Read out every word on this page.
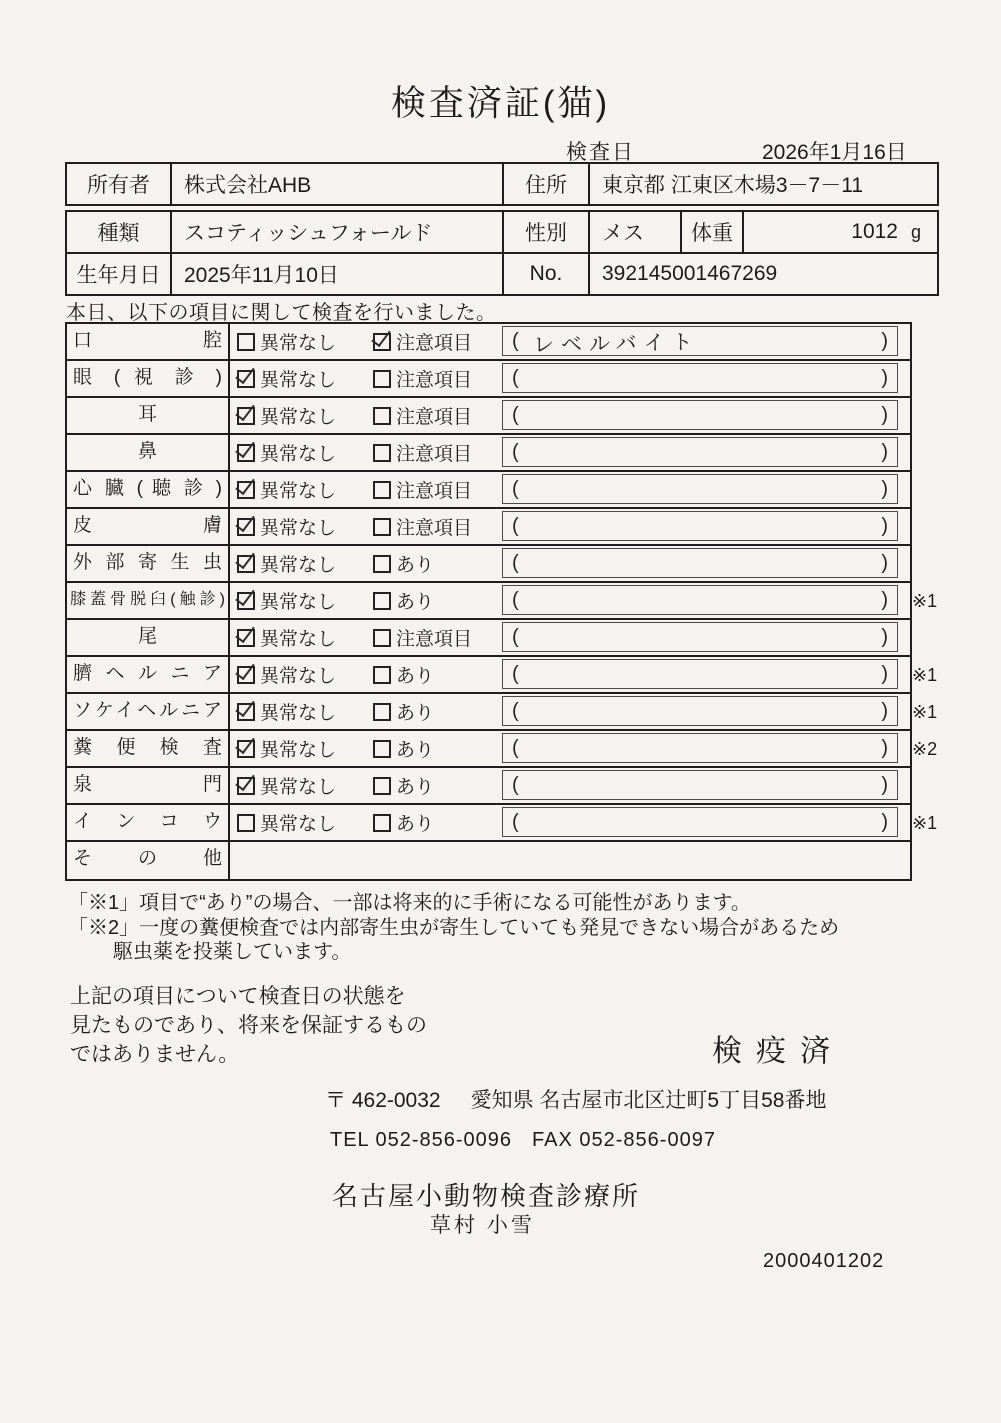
検査済証(猫)
検査日	2026年1月16日
所有者	株式会社AHB	住所	東京都 江東区木場3－7－11
種類	スコティッシュフォールド	性別	メス	体重	1012 g
生年月日	2025年11月10日	No.	392145001467269
本日、以下の項目に関して検査を行いました。
口 腔	異常なし	注意項目 ( レベルバイト	)
眼 ( 視 診 )	異常なし	注意項目 (	)
耳	異常なし	注意項目 (	)
鼻	異常なし	注意項目 (	)
心 臓 ( 聴 診 )	異常なし	注意項目 (	)
皮 膚	異常なし	注意項目 (	)
外 部 寄 生 虫	異常なし	あり	(	)
膝蓋骨脱臼(触診) 異常なし	あり	(	) ※1
尾	異常なし	注意項目 (	)
臍 ヘ ル ニ ア	異常なし	あり	(	) ※1
ソケイヘルニア	異常なし	あり	(	) ※1
糞 便 検 査	異常なし	あり	(	) ※2
泉 門	異常なし	あり	(	)
イ ン コ ウ	異常なし	あり	(	) ※1
そ の 他
「※1」項目で“あり”の場合、一部は将来的に手術になる可能性があります。
「※2」一度の糞便検査では内部寄生虫が寄生していても発見できない場合があるため
駆虫薬を投薬しています。
上記の項目について検査日の状態を
見たものであり、将来を保証するもの
ではありません。	検疫済
〒 462-0032 愛知県 名古屋市北区辻町5丁目58番地
TEL 052-856-0096 FAX 052-856-0097
名古屋小動物検査診療所
草村 小雪
2000401202
